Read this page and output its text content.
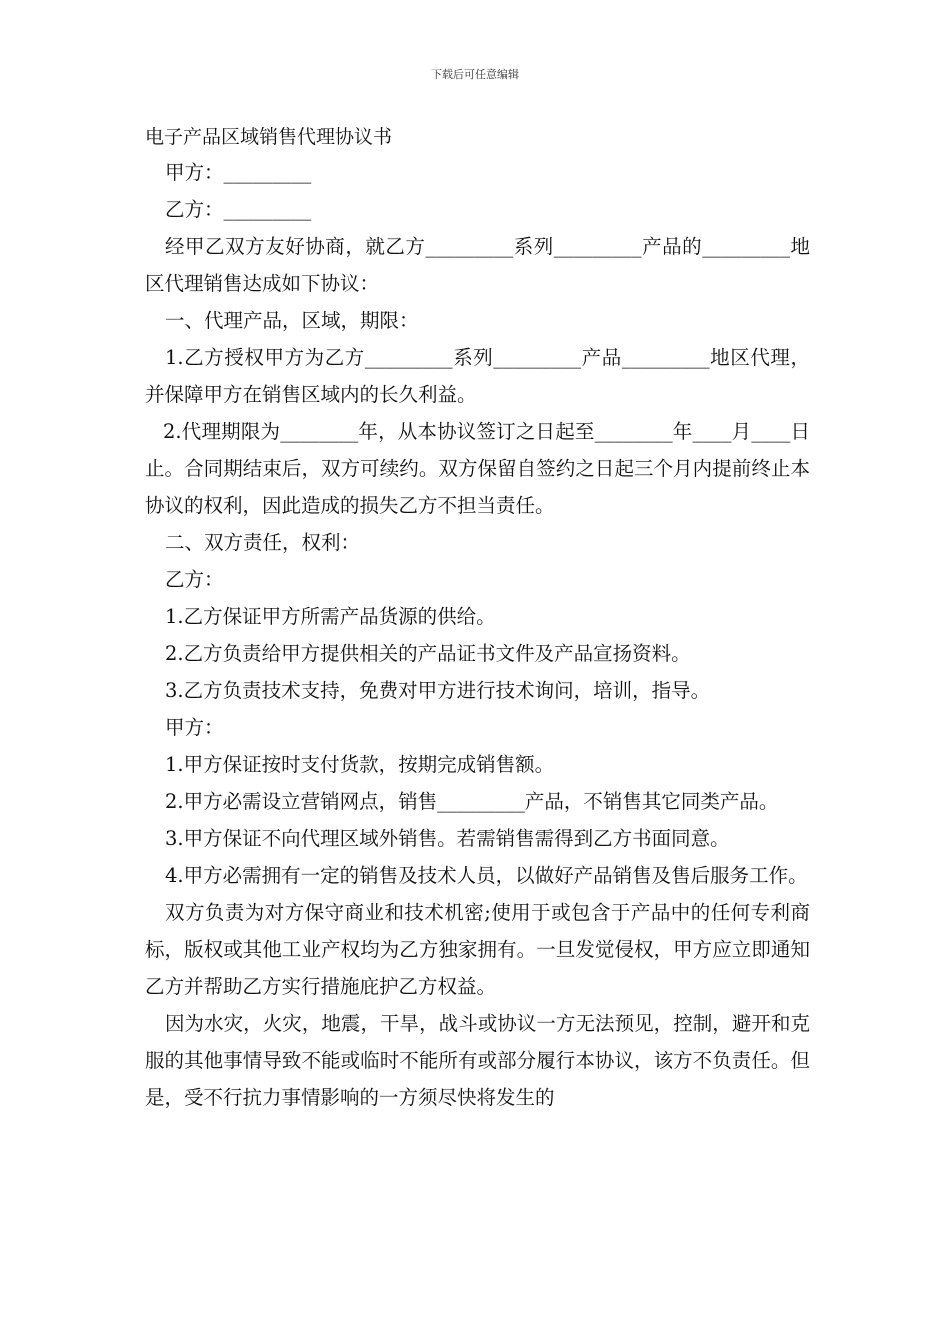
下载后可任意编辑
电子产品区域销售代理协议书
甲方：_________
乙方：_________
经甲乙双方友好协商，就乙方_________系列_________产品的_________地区代理销售达成如下协议：
一、代理产品，区域，期限：
1.乙方授权甲方为乙方_________系列_________产品_________地区代理，并保障甲方在销售区域内的长久利益。
2.代理期限为________年，从本协议签订之日起至________年____月____日止。合同期结束后，双方可续约。双方保留自签约之日起三个月内提前终止本协议的权利，因此造成的损失乙方不担当责任。
二、双方责任，权利：
乙方：
1.乙方保证甲方所需产品货源的供给。
2.乙方负责给甲方提供相关的产品证书文件及产品宣扬资料。
3.乙方负责技术支持，免费对甲方进行技术询问，培训，指导。
甲方：
1.甲方保证按时支付货款，按期完成销售额。
2.甲方必需设立营销网点，销售_________产品，不销售其它同类产品。
3.甲方保证不向代理区域外销售。若需销售需得到乙方书面同意。
4.甲方必需拥有一定的销售及技术人员，以做好产品销售及售后服务工作。
双方负责为对方保守商业和技术机密;使用于或包含于产品中的任何专利商标，版权或其他工业产权均为乙方独家拥有。一旦发觉侵权，甲方应立即通知乙方并帮助乙方实行措施庇护乙方权益。
因为水灾，火灾，地震，干旱，战斗或协议一方无法预见，控制，避开和克服的其他事情导致不能或临时不能所有或部分履行本协议，该方不负责任。但是，受不行抗力事情影响的一方须尽快将发生的
